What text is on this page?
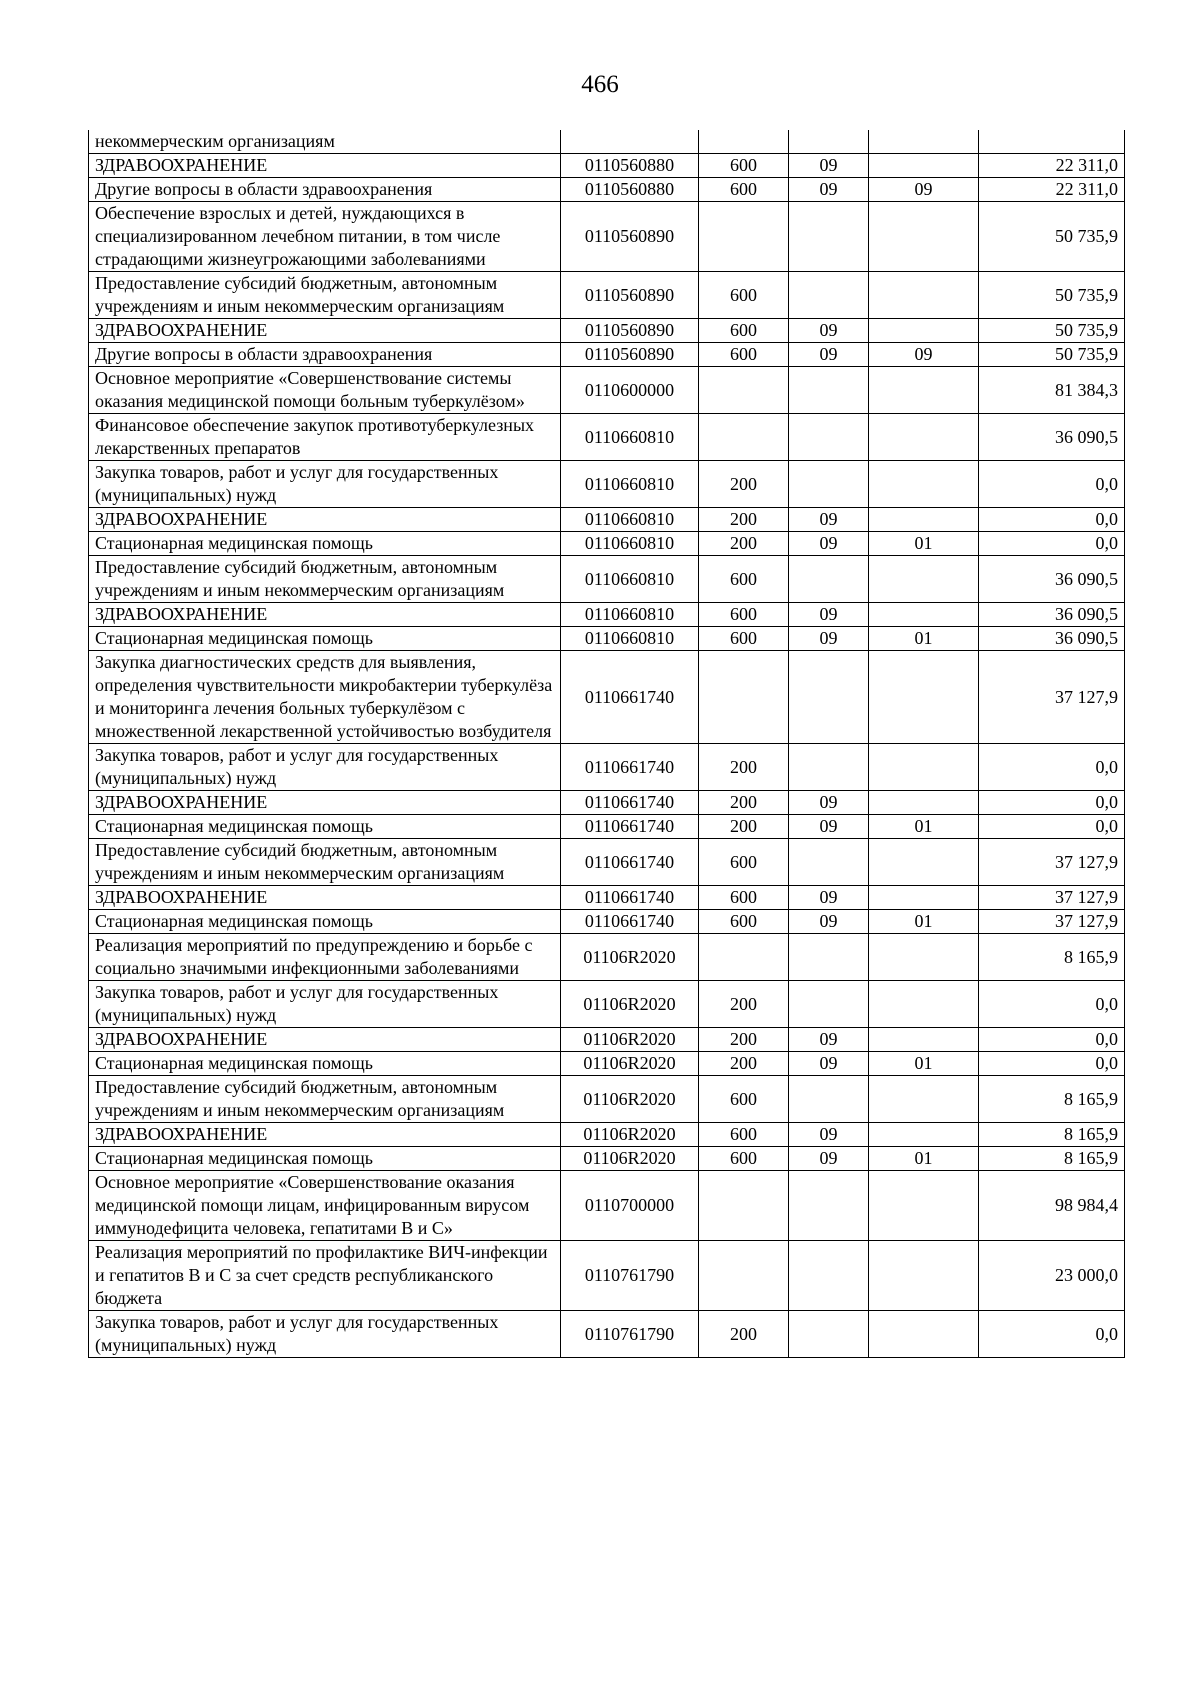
466
некоммерческим организациям					
ЗДРАВООХРАНЕНИЕ	0110560880	600	09		22 311,0
Другие вопросы в области здравоохранения	0110560880	600	09	09	22 311,0
Обеспечение взрослых и детей, нуждающихся в специализированном лечебном питании, в том числе страдающими жизнеугрожающими заболеваниями	0110560890				50 735,9
Предоставление субсидий бюджетным, автономным учреждениям и иным некоммерческим организациям	0110560890	600			50 735,9
ЗДРАВООХРАНЕНИЕ	0110560890	600	09		50 735,9
Другие вопросы в области здравоохранения	0110560890	600	09	09	50 735,9
Основное мероприятие «Совершенствование системы оказания медицинской помощи больным туберкулёзом»	0110600000				81 384,3
Финансовое обеспечение закупок противотуберкулезных лекарственных препаратов	0110660810				36 090,5
Закупка товаров, работ и услуг для государственных (муниципальных) нужд	0110660810	200			0,0
ЗДРАВООХРАНЕНИЕ	0110660810	200	09		0,0
Стационарная медицинская помощь	0110660810	200	09	01	0,0
Предоставление субсидий бюджетным, автономным учреждениям и иным некоммерческим организациям	0110660810	600			36 090,5
ЗДРАВООХРАНЕНИЕ	0110660810	600	09		36 090,5
Стационарная медицинская помощь	0110660810	600	09	01	36 090,5
Закупка диагностических средств для выявления, определения чувствительности микробактерии туберкулёза и мониторинга лечения больных туберкулёзом с множественной лекарственной устойчивостью возбудителя	0110661740				37 127,9
Закупка товаров, работ и услуг для государственных (муниципальных) нужд	0110661740	200			0,0
ЗДРАВООХРАНЕНИЕ	0110661740	200	09		0,0
Стационарная медицинская помощь	0110661740	200	09	01	0,0
Предоставление субсидий бюджетным, автономным учреждениям и иным некоммерческим организациям	0110661740	600			37 127,9
ЗДРАВООХРАНЕНИЕ	0110661740	600	09		37 127,9
Стационарная медицинская помощь	0110661740	600	09	01	37 127,9
Реализация мероприятий по предупреждению и борьбе с социально значимыми инфекционными заболеваниями	01106R2020				8 165,9
Закупка товаров, работ и услуг для государственных (муниципальных) нужд	01106R2020	200			0,0
ЗДРАВООХРАНЕНИЕ	01106R2020	200	09		0,0
Стационарная медицинская помощь	01106R2020	200	09	01	0,0
Предоставление субсидий бюджетным, автономным учреждениям и иным некоммерческим организациям	01106R2020	600			8 165,9
ЗДРАВООХРАНЕНИЕ	01106R2020	600	09		8 165,9
Стационарная медицинская помощь	01106R2020	600	09	01	8 165,9
Основное мероприятие «Совершенствование оказания медицинской помощи лицам, инфицированным вирусом иммунодефицита человека, гепатитами B и C»	0110700000				98 984,4
Реализация мероприятий по профилактике ВИЧ-инфекции и гепатитов B и C за счет средств республиканского бюджета	0110761790				23 000,0
Закупка товаров, работ и услуг для государственных (муниципальных) нужд	0110761790	200			0,0
